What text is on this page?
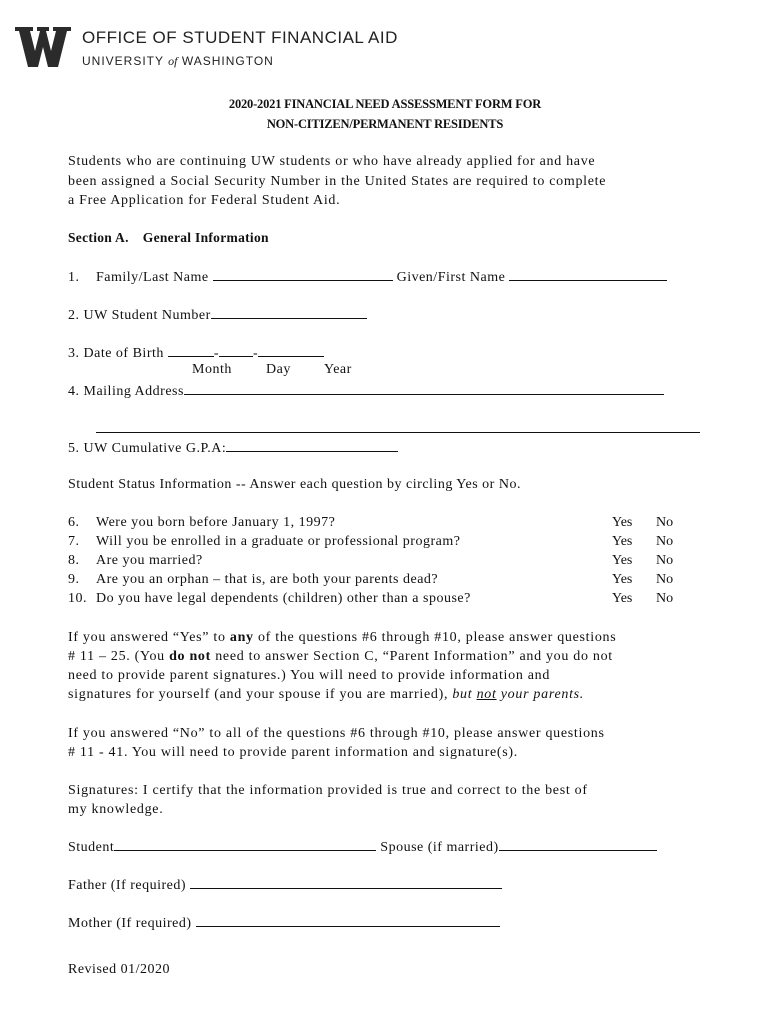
OFFICE OF STUDENT FINANCIAL AID
UNIVERSITY of WASHINGTON
2020-2021 FINANCIAL NEED ASSESSMENT FORM FOR
NON-CITIZEN/PERMANENT RESIDENTS
Students who are continuing UW students or who have already applied for and have
been assigned a Social Security Number in the United States are required to complete
a Free Application for Federal Student Aid.
Section A. General Information
1. Family/Last Name	Given/First Name
2. UW Student Number
3. Date of Birth	- -
Month Day Year
4. Mailing Address
5. UW Cumulative G.P.A:
Student Status Information -- Answer each question by circling Yes or No.
6. Were you born before January 1, 1997?	Yes No
7. Will you be enrolled in a graduate or professional program?	Yes No
8. Are you married?	Yes No
9. Are you an orphan – that is, are both your parents dead?	Yes No
10. Do you have legal dependents (children) other than a spouse?	Yes No
If you answered “Yes” to any of the questions #6 through #10, please answer questions
# 11 – 25. (You do not need to answer Section C, “Parent Information” and you do not
need to provide parent signatures.) You will need to provide information and
signatures for yourself (and your spouse if you are married), but not your parents.
If you answered “No” to all of the questions #6 through #10, please answer questions
# 11 - 41. You will need to provide parent information and signature(s).
Signatures: I certify that the information provided is true and correct to the best of
my knowledge.
Student	Spouse (if married)
Father (If required)
Mother (If required)
Revised 01/2020
